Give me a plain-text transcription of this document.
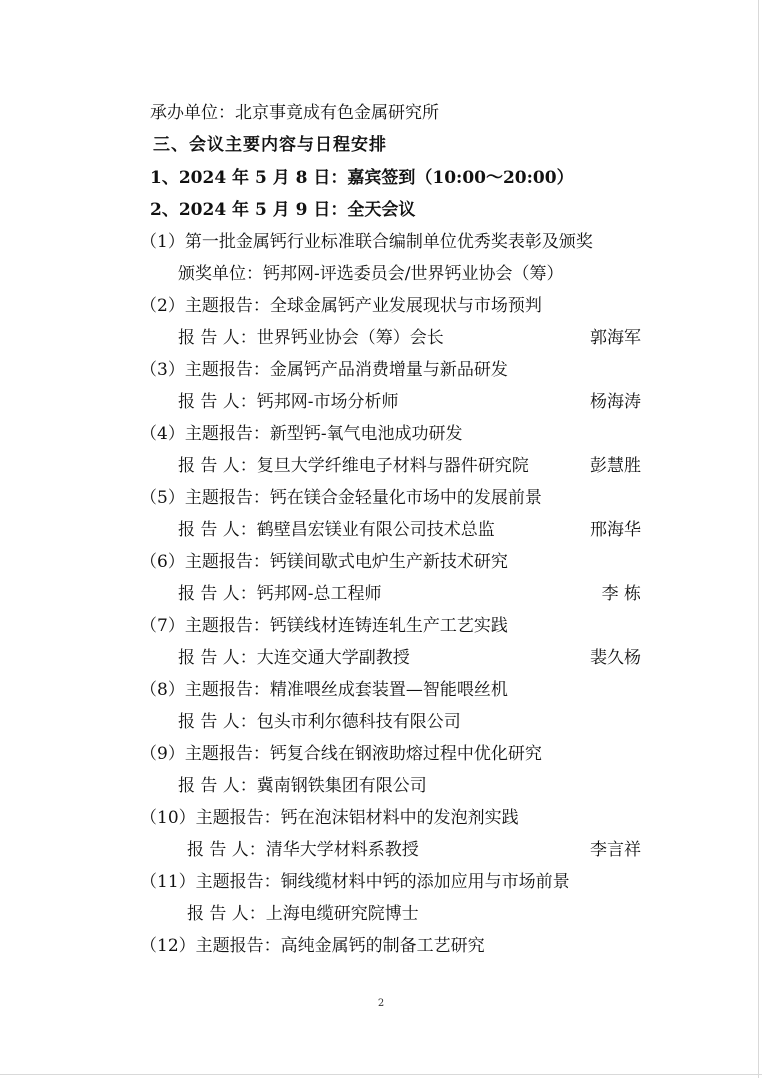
承办单位：北京事竟成有色金属研究所
三、会议主要内容与日程安排
1、2024 年 5 月 8 日：嘉宾签到（10:00～20:00）
2、2024 年 5 月 9 日：全天会议
（1）第一批金属钙行业标准联合编制单位优秀奖表彰及颁奖
颁奖单位：钙邦网-评选委员会/世界钙业协会（筹）
（2）主题报告：全球金属钙产业发展现状与市场预判
报 告 人：世界钙业协会（筹）会长	郭海军
（3）主题报告：金属钙产品消费增量与新品研发
报 告 人：钙邦网-市场分析师	杨海涛
（4）主题报告：新型钙-氧气电池成功研发
报 告 人：复旦大学纤维电子材料与器件研究院	彭慧胜
（5）主题报告：钙在镁合金轻量化市场中的发展前景
报 告 人：鹤壁昌宏镁业有限公司技术总监	邢海华
（6）主题报告：钙镁间歇式电炉生产新技术研究
报 告 人：钙邦网-总工程师	李 栋
（7）主题报告：钙镁线材连铸连轧生产工艺实践
报 告 人：大连交通大学副教授	裴久杨
（8）主题报告：精准喂丝成套装置—智能喂丝机
报 告 人：包头市利尔德科技有限公司
（9）主题报告：钙复合线在钢液助熔过程中优化研究
报 告 人：冀南钢铁集团有限公司
（10）主题报告：钙在泡沫铝材料中的发泡剂实践
报 告 人：清华大学材料系教授	李言祥
（11）主题报告：铜线缆材料中钙的添加应用与市场前景
报 告 人：上海电缆研究院博士
（12）主题报告：高纯金属钙的制备工艺研究
2
